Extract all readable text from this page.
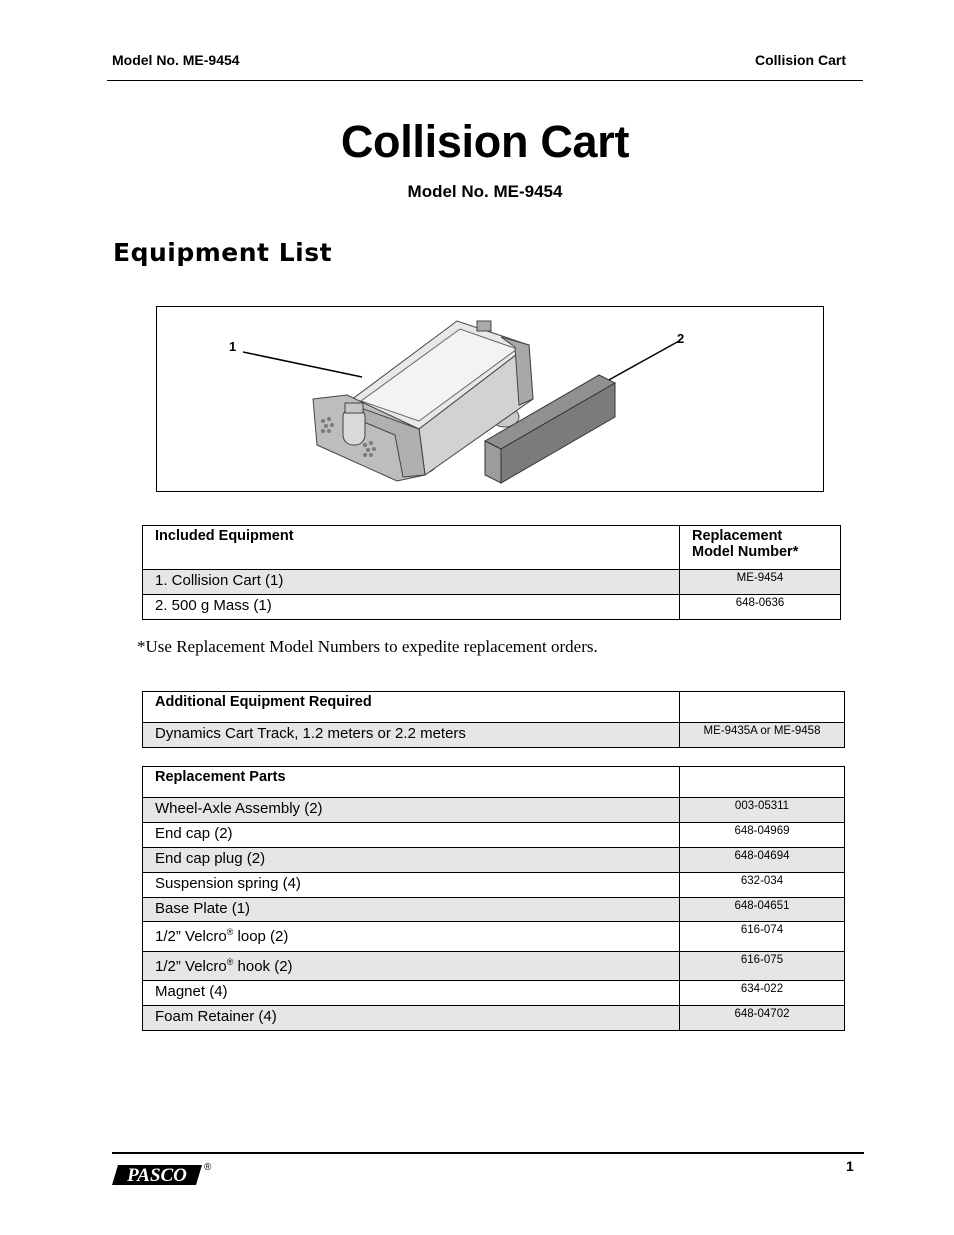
Model No. ME-9454	Collision Cart
Collision Cart
Model No. ME-9454
Equipment List
1
2
Included Equipment	Replacement
Model Number*

1. Collision Cart (1)	ME-9454
2. 500 g Mass (1)	648-0636
*Use Replacement Model Numbers to expedite replacement orders.
Additional Equipment Required	
Dynamics Cart Track, 1.2 meters or 2.2 meters	ME-9435A or ME-9458
Replacement Parts	
Wheel-Axle Assembly (2)	003-05311
End cap (2)	648-04969
End cap plug (2)	648-04694
Suspension spring (4)	632-034
Base Plate (1)	648-04651
1/2” Velcro® loop (2)	616-074
1/2” Velcro® hook (2)	616-075
Magnet (4)	634-022
Foam Retainer (4)	648-04702
PASCO ®	1
